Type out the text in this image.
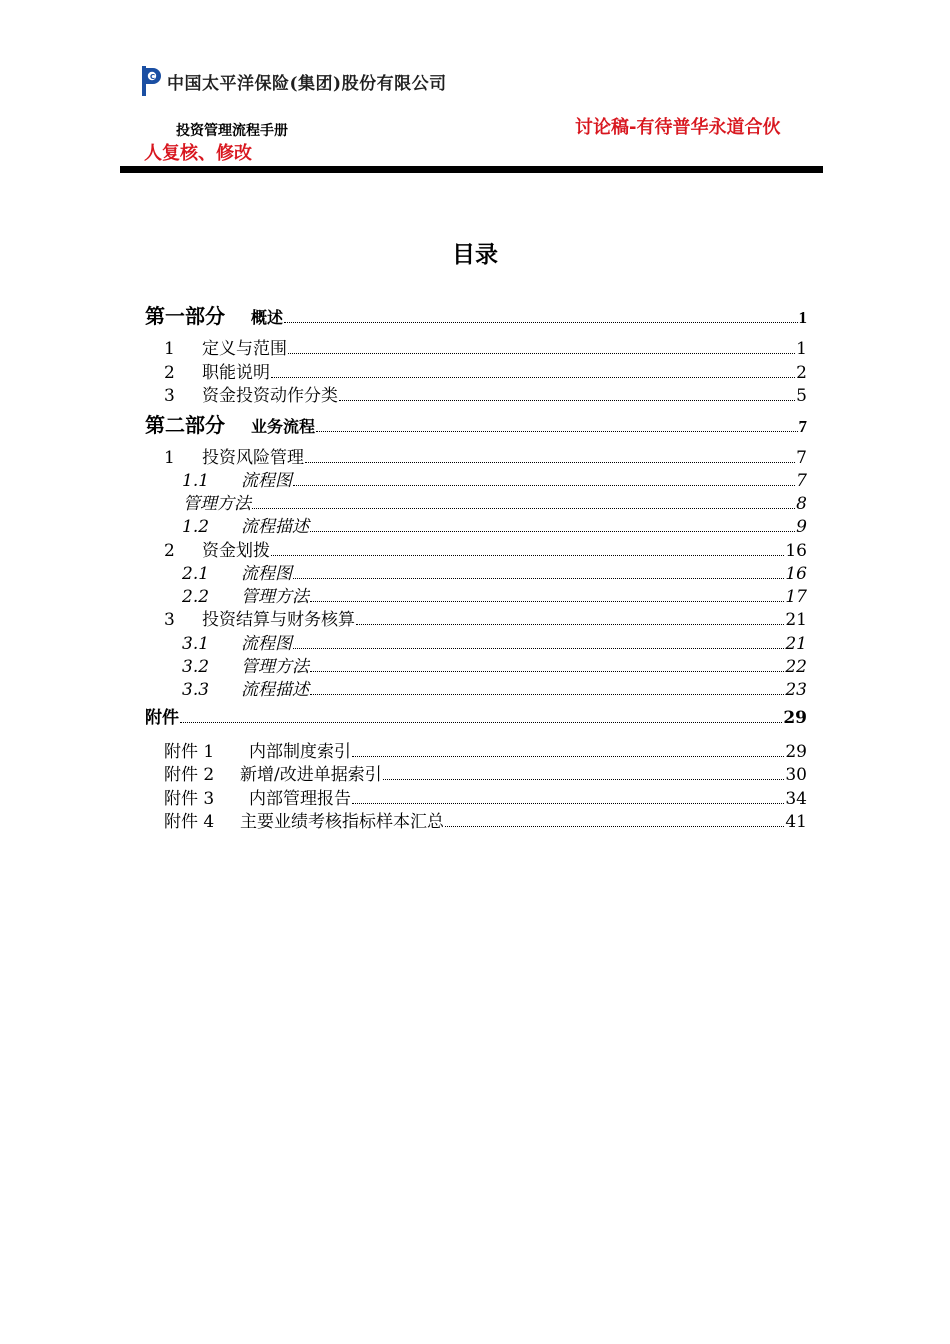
C 中国太平洋保险(集团)股份有限公司
投资管理流程手册	讨论稿-有待普华永道合伙人复核、修改
目录
第一部分 概述	1
1	定义与范围	1
2	职能说明	2
3	资金投资动作分类	5
第二部分 业务流程	7
1	投资风险管理	7
1.1	流程图	7
管理方法	8
1.2	流程描述	9
2	资金划拨	16
2.1	流程图	16
2.2	管理方法	17
3	投资结算与财务核算	21
3.1	流程图	21
3.2	管理方法	22
3.3	流程描述	23
附件	29
附件 1	内部制度索引	29
附件 2	新增/改进单据索引	30
附件 3	内部管理报告	34
附件 4	主要业绩考核指标样本汇总	41
